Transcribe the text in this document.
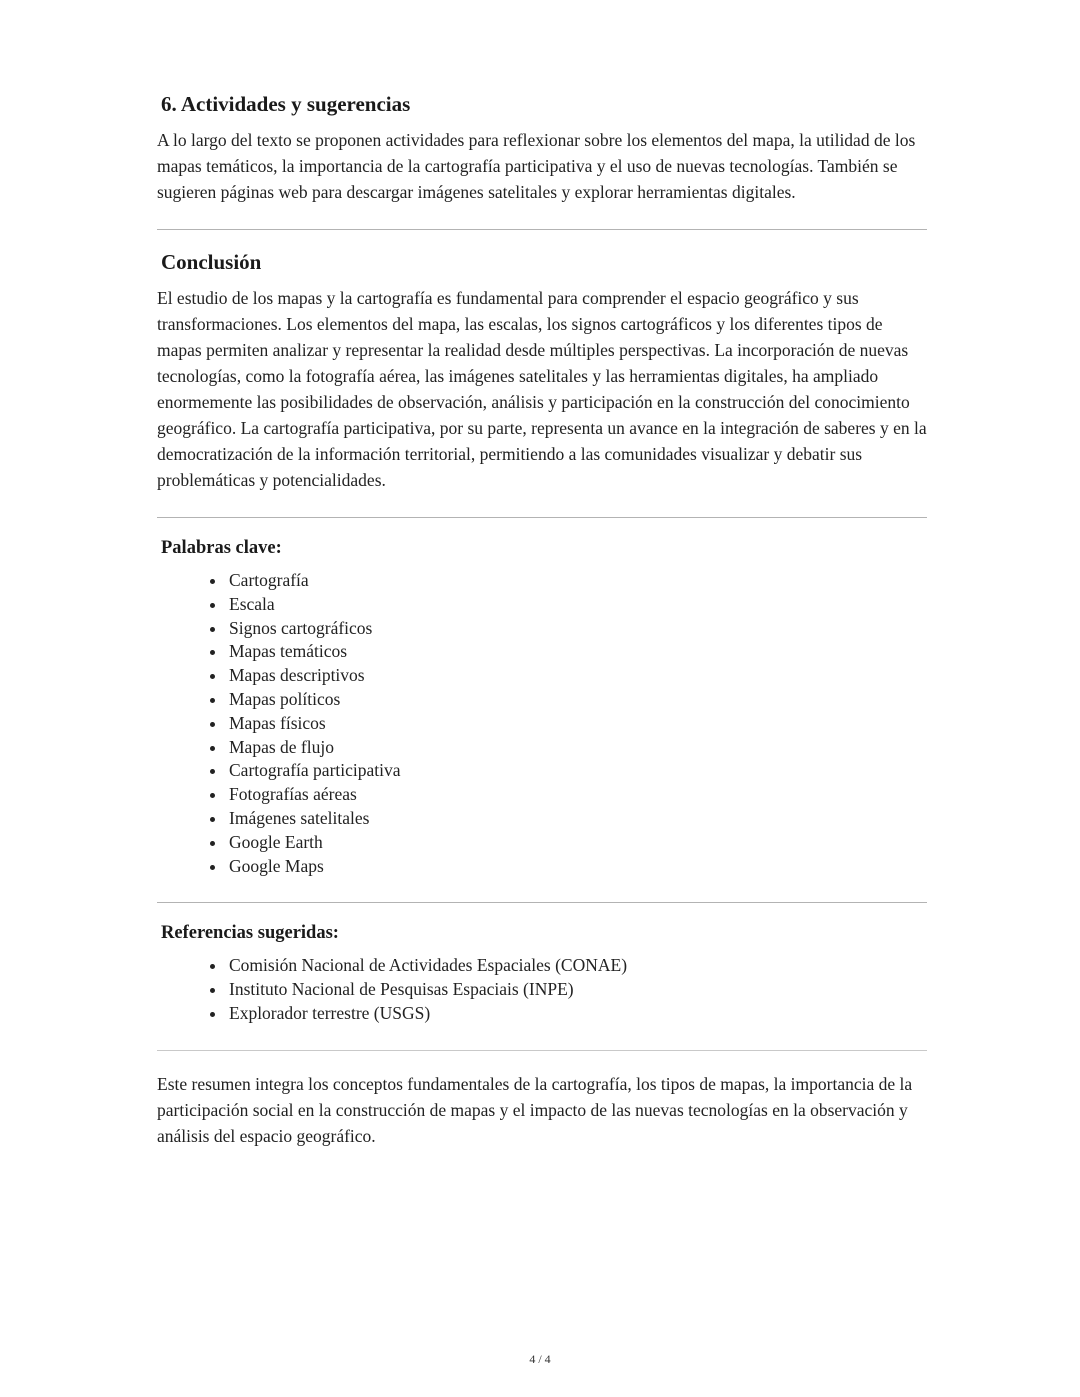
6. Actividades y sugerencias

A lo largo del texto se proponen actividades para reflexionar sobre los elementos del mapa, la utilidad de los mapas temáticos, la importancia de la cartografía participativa y el uso de nuevas tecnologías. También se sugieren páginas web para descargar imágenes satelitales y explorar herramientas digitales.

Conclusión

El estudio de los mapas y la cartografía es fundamental para comprender el espacio geográfico y sus transformaciones. Los elementos del mapa, las escalas, los signos cartográficos y los diferentes tipos de mapas permiten analizar y representar la realidad desde múltiples perspectivas. La incorporación de nuevas tecnologías, como la fotografía aérea, las imágenes satelitales y las herramientas digitales, ha ampliado enormemente las posibilidades de observación, análisis y participación en la construcción del conocimiento geográfico. La cartografía participativa, por su parte, representa un avance en la integración de saberes y en la democratización de la información territorial, permitiendo a las comunidades visualizar y debatir sus problemáticas y potencialidades.

Palabras clave:
• Cartografía
• Escala
• Signos cartográficos
• Mapas temáticos
• Mapas descriptivos
• Mapas políticos
• Mapas físicos
• Mapas de flujo
• Cartografía participativa
• Fotografías aéreas
• Imágenes satelitales
• Google Earth
• Google Maps
Referencias sugeridas:
• Comisión Nacional de Actividades Espaciales (CONAE)
• Instituto Nacional de Pesquisas Espaciais (INPE)
• Explorador terrestre (USGS)

Este resumen integra los conceptos fundamentales de la cartografía, los tipos de mapas, la importancia de la participación social en la construcción de mapas y el impacto de las nuevas tecnologías en la observación y análisis del espacio geográfico.

4 / 4
